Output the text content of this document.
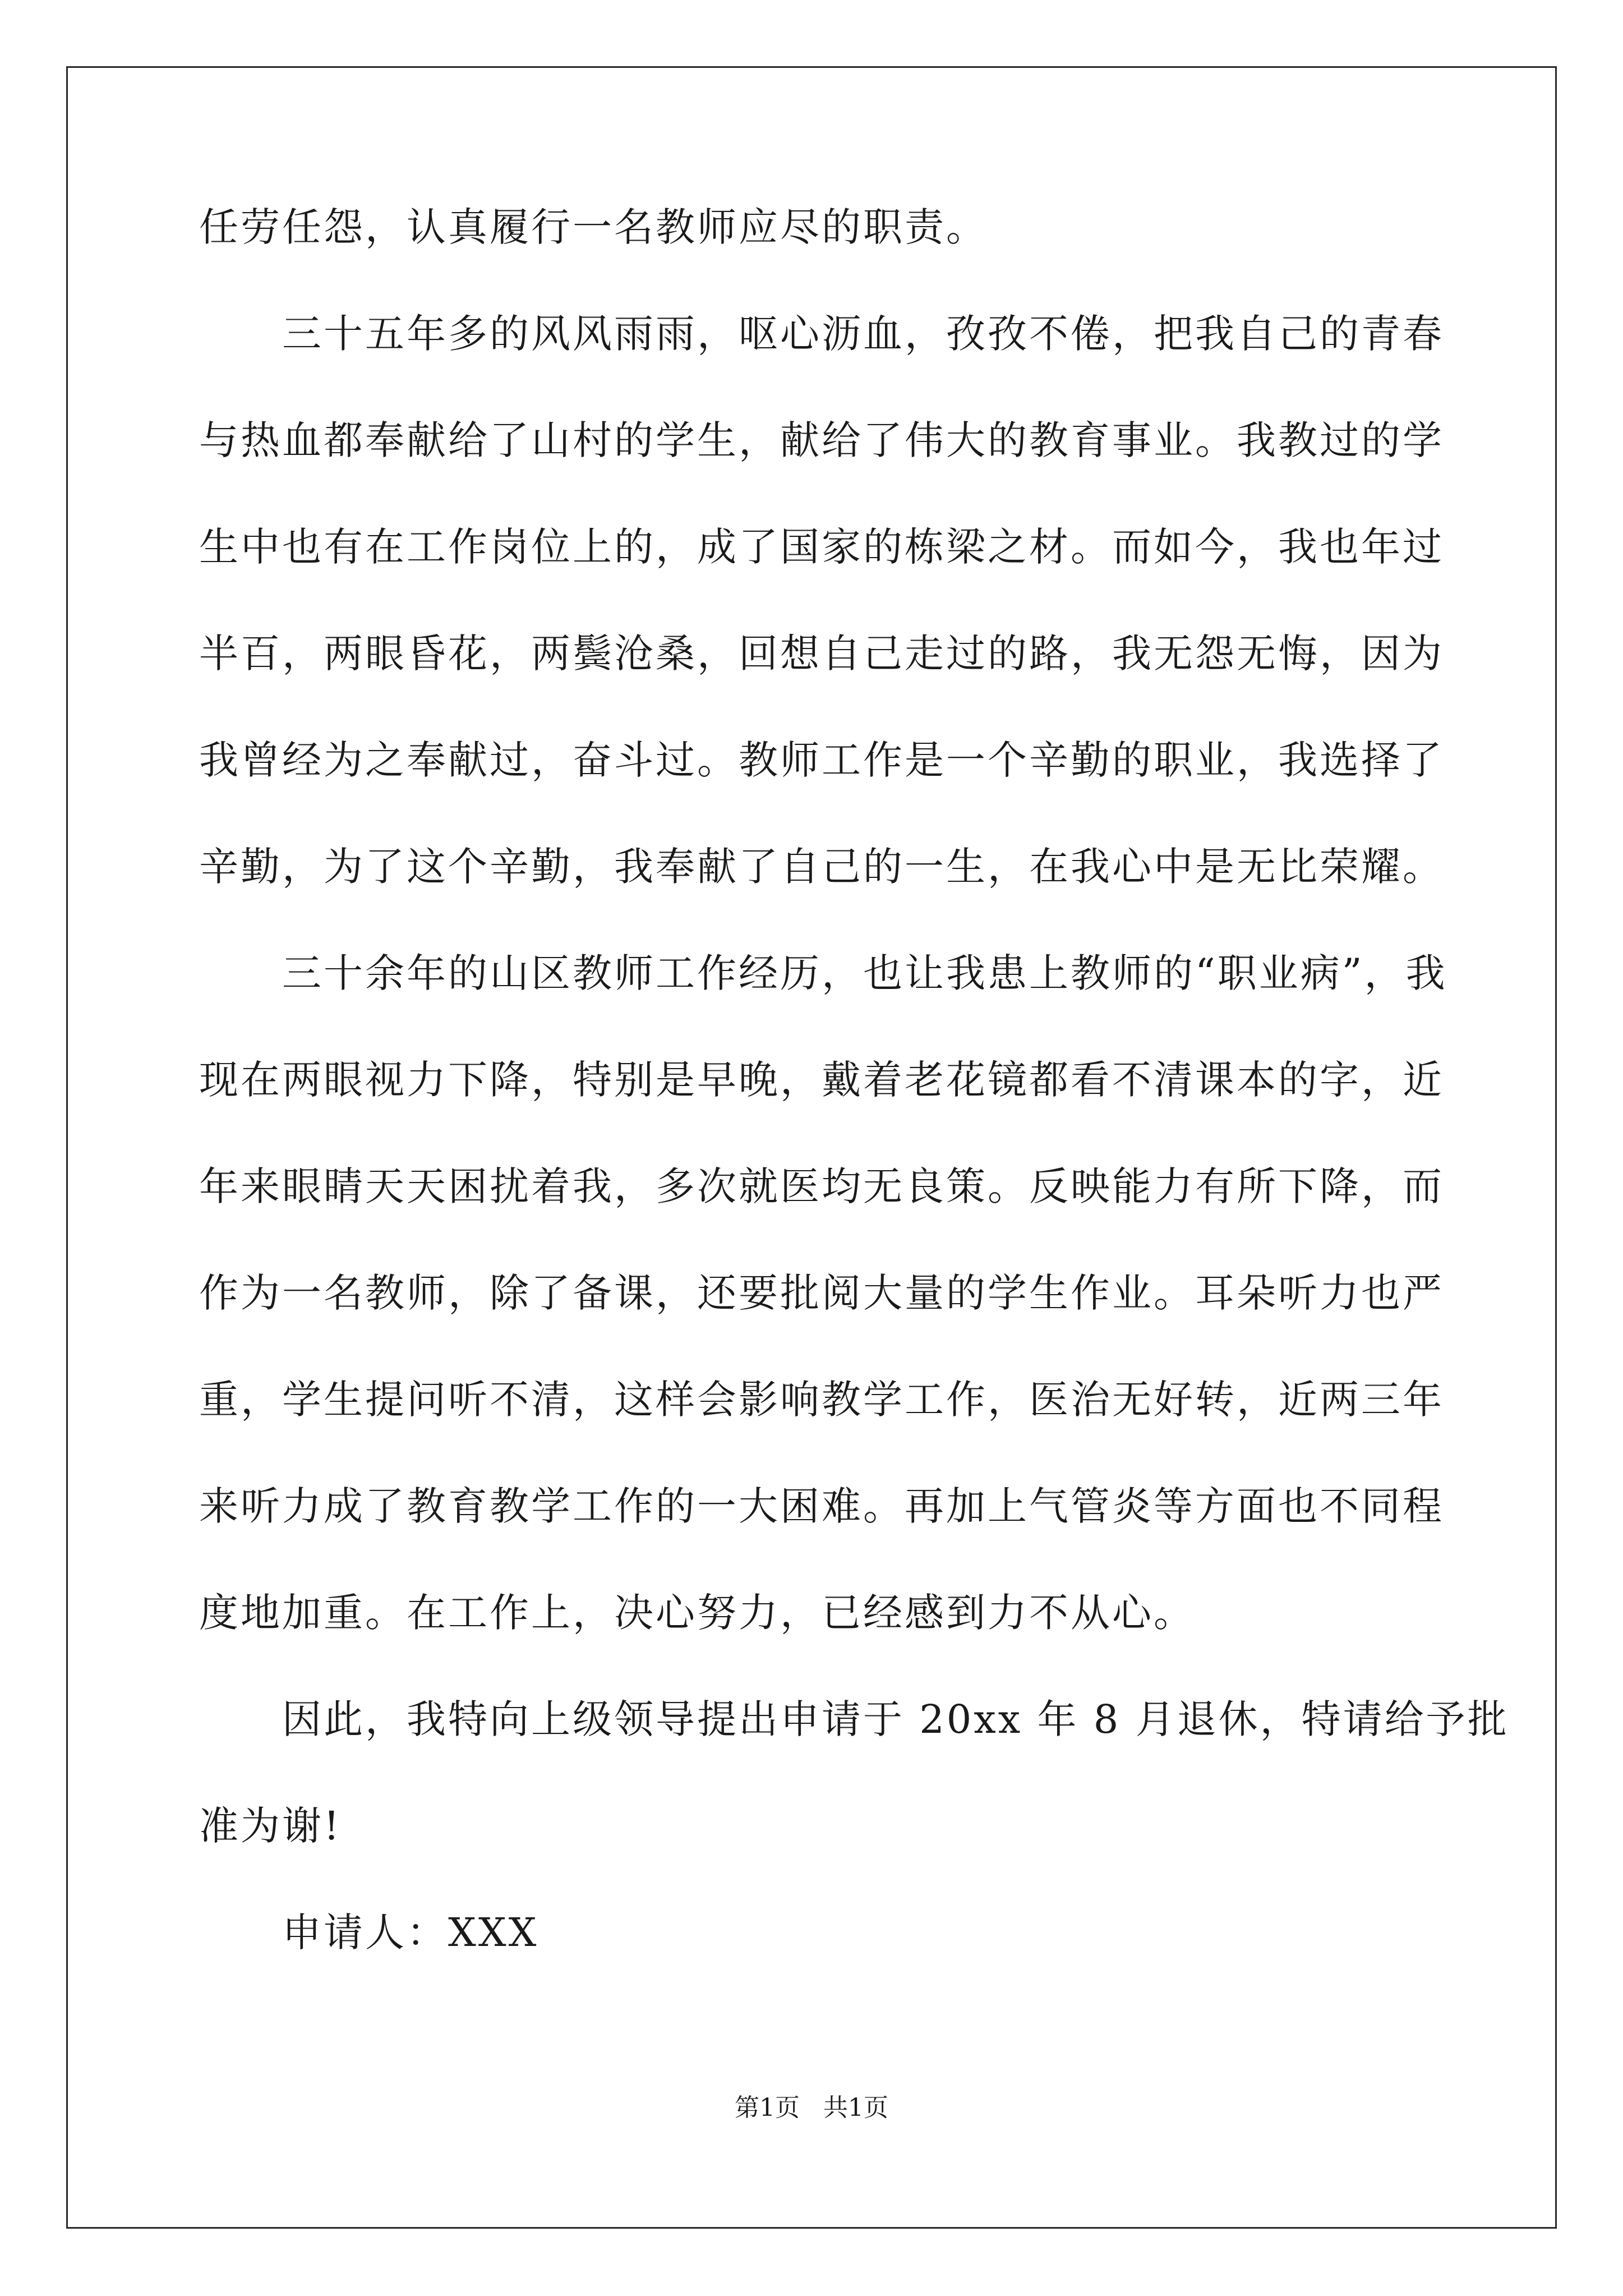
任劳任怨，认真履行一名教师应尽的职责。
三十五年多的风风雨雨，呕心沥血，孜孜不倦，把我自己的青春
与热血都奉献给了山村的学生，献给了伟大的教育事业。我教过的学
生中也有在工作岗位上的，成了国家的栋梁之材。而如今，我也年过
半百，两眼昏花，两鬓沧桑，回想自己走过的路，我无怨无悔，因为
我曾经为之奉献过，奋斗过。教师工作是一个辛勤的职业，我选择了
辛勤，为了这个辛勤，我奉献了自己的一生，在我心中是无比荣耀。
三十余年的山区教师工作经历，也让我患上教师的“职业病”，我
现在两眼视力下降，特别是早晚，戴着老花镜都看不清课本的字，近
年来眼睛天天困扰着我，多次就医均无良策。反映能力有所下降，而
作为一名教师，除了备课，还要批阅大量的学生作业。耳朵听力也严
重，学生提问听不清，这样会影响教学工作，医治无好转，近两三年
来听力成了教育教学工作的一大困难。再加上气管炎等方面也不同程
度地加重。在工作上，决心努力，已经感到力不从心。
因此，我特向上级领导提出申请于 20xx 年 8 月退休，特请给予批
准为谢!
申请人：XXX
第1页 共1页
